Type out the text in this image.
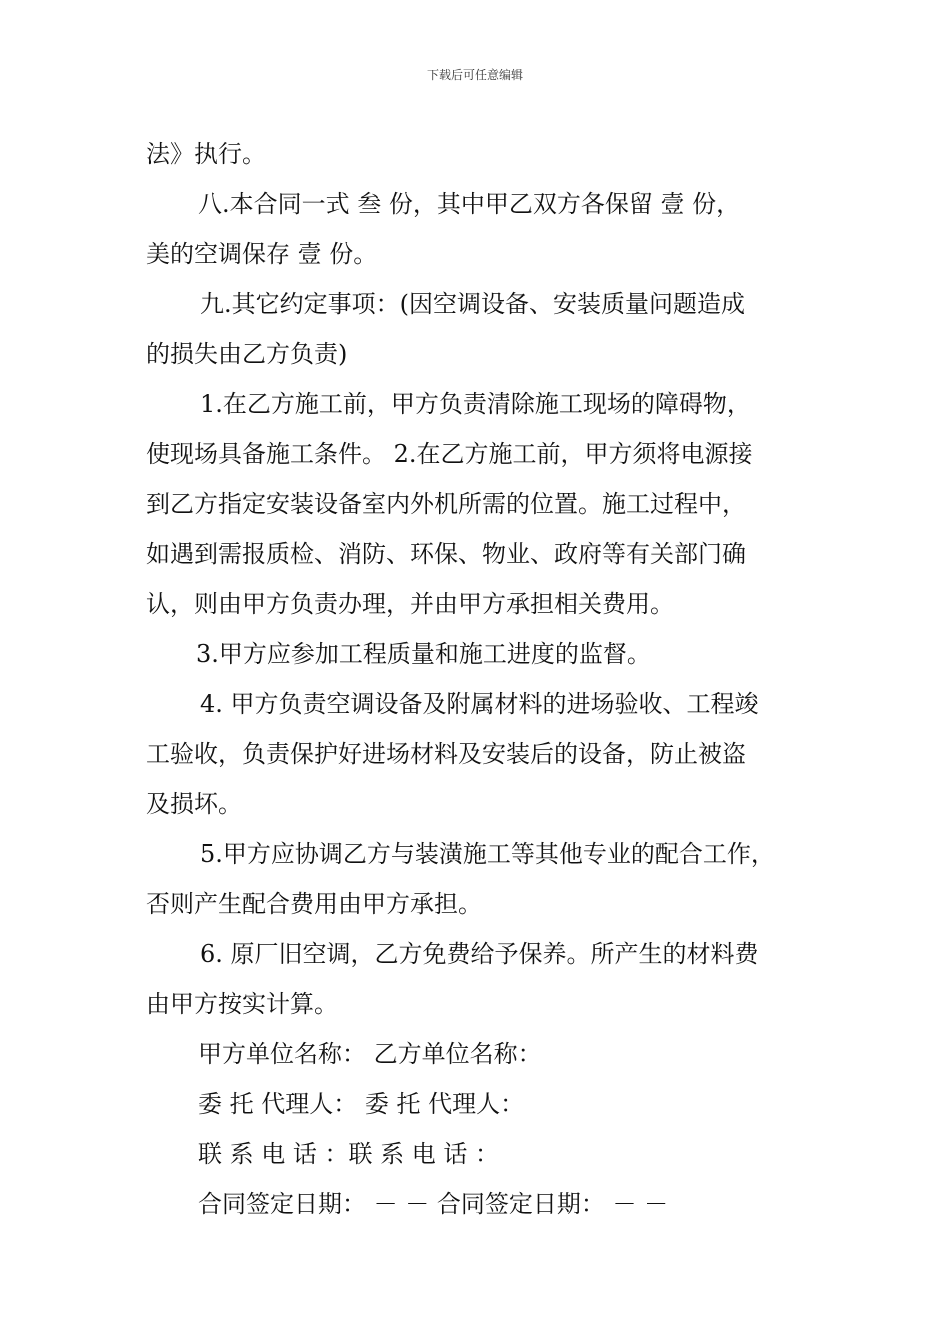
下载后可任意编辑
法》执行。
八.本合同一式 叁 份，其中甲乙双方各保留 壹 份，
美的空调保存 壹 份。
九.其它约定事项：(因空调设备、安装质量问题造成
的损失由乙方负责)
1.在乙方施工前，甲方负责清除施工现场的障碍物，
使现场具备施工条件。 2.在乙方施工前，甲方须将电源接
到乙方指定安装设备室内外机所需的位置。施工过程中，
如遇到需报质检、消防、环保、物业、政府等有关部门确
认，则由甲方负责办理，并由甲方承担相关费用。
3.甲方应参加工程质量和施工进度的监督。
4. 甲方负责空调设备及附属材料的进场验收、工程竣
工验收，负责保护好进场材料及安装后的设备，防止被盗
及损坏。
5.甲方应协调乙方与装潢施工等其他专业的配合工作，
否则产生配合费用由甲方承担。
6. 原厂旧空调，乙方免费给予保养。所产生的材料费
由甲方按实计算。
甲方单位名称： 乙方单位名称：
委 托 代理人： 委 托 代理人：
联 系 电 话 ：联 系 电 话 ：
合同签定日期： － － 合同签定日期： － －
